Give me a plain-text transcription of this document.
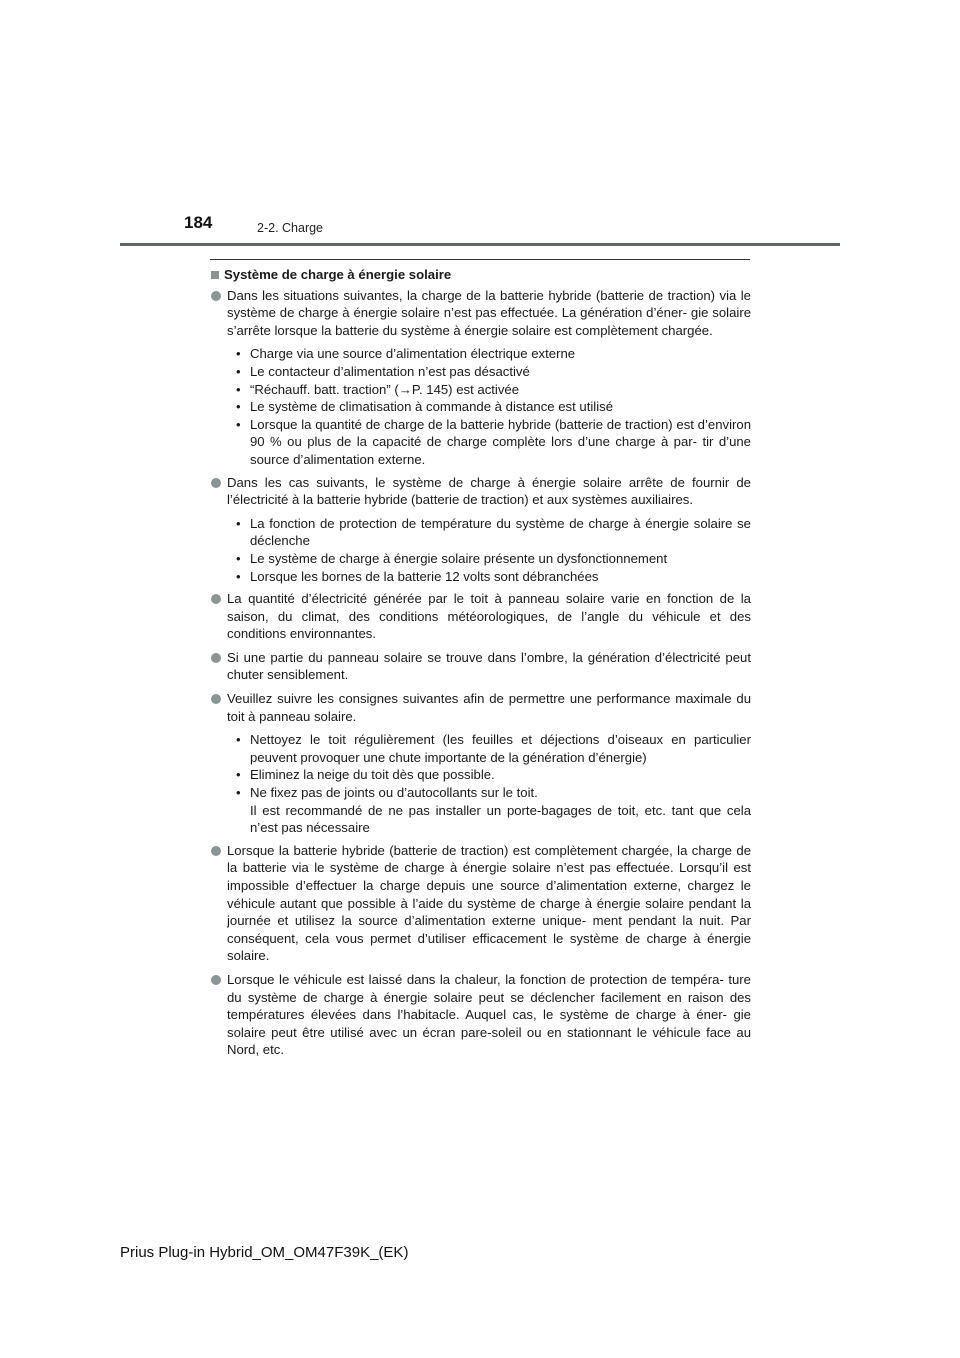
184	2-2. Charge
Système de charge à énergie solaire

Dans les situations suivantes, la charge de la batterie hybride (batterie de traction) via le système de charge à énergie solaire n’est pas effectuée. La génération d’éner- gie solaire s’arrête lorsque la batterie du système à énergie solaire est complètement chargée.

• Charge via une source d’alimentation électrique externe

• Le contacteur d’alimentation n’est pas désactivé

• “Réchauff. batt. traction” (→P. 145) est activée

• Le système de climatisation à commande à distance est utilisé

• Lorsque la quantité de charge de la batterie hybride (batterie de traction) est d’environ 90 % ou plus de la capacité de charge complète lors d’une charge à par- tir d’une source d’alimentation externe.

Dans les cas suivants, le système de charge à énergie solaire arrête de fournir de l’électricité à la batterie hybride (batterie de traction) et aux systèmes auxiliaires.

• La fonction de protection de température du système de charge à énergie solaire se déclenche

• Le système de charge à énergie solaire présente un dysfonctionnement

• Lorsque les bornes de la batterie 12 volts sont débranchées

La quantité d’électricité générée par le toit à panneau solaire varie en fonction de la saison, du climat, des conditions météorologiques, de l’angle du véhicule et des conditions environnantes.

Si une partie du panneau solaire se trouve dans l’ombre, la génération d’électricité peut chuter sensiblement.

Veuillez suivre les consignes suivantes afin de permettre une performance maximale du toit à panneau solaire.

• Nettoyez le toit régulièrement (les feuilles et déjections d’oiseaux en particulier peuvent provoquer une chute importante de la génération d’énergie)

• Eliminez la neige du toit dès que possible.

• Ne fixez pas de joints ou d’autocollants sur le toit.

Il est recommandé de ne pas installer un porte-bagages de toit, etc. tant que cela n’est pas nécessaire

Lorsque la batterie hybride (batterie de traction) est complètement chargée, la charge de la batterie via le système de charge à énergie solaire n’est pas effectuée. Lorsqu’il est impossible d’effectuer la charge depuis une source d’alimentation externe, chargez le véhicule autant que possible à l’aide du système de charge à énergie solaire pendant la journée et utilisez la source d’alimentation externe unique- ment pendant la nuit. Par conséquent, cela vous permet d’utiliser efficacement le système de charge à énergie solaire.

Lorsque le véhicule est laissé dans la chaleur, la fonction de protection de tempéra- ture du système de charge à énergie solaire peut se déclencher facilement en raison des températures élevées dans l’habitacle. Auquel cas, le système de charge à éner- gie solaire peut être utilisé avec un écran pare-soleil ou en stationnant le véhicule face au Nord, etc.

Prius Plug-in Hybrid_OM_OM47F39K_(EK)
